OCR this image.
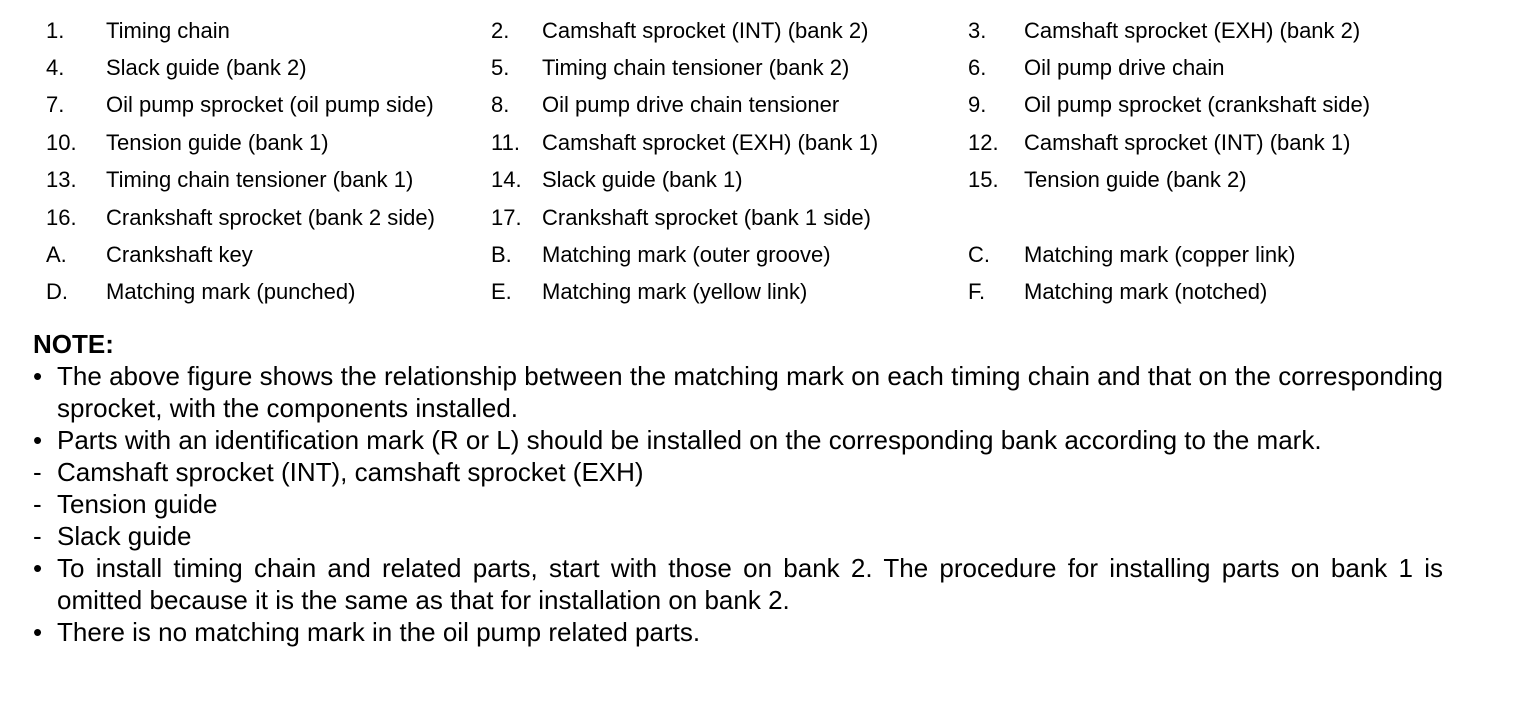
1. Timing chain	2. Camshaft sprocket (INT) (bank 2)	3. Camshaft sprocket (EXH) (bank 2)
4. Slack guide (bank 2)	5. Timing chain tensioner (bank 2)	6. Oil pump drive chain
7. Oil pump sprocket (oil pump side)	8. Oil pump drive chain tensioner	9. Oil pump sprocket (crankshaft side)
10. Tension guide (bank 1)	11. Camshaft sprocket (EXH) (bank 1)	12. Camshaft sprocket (INT) (bank 1)
13. Timing chain tensioner (bank 1)	14. Slack guide (bank 1)	15. Tension guide (bank 2)
16. Crankshaft sprocket (bank 2 side)	17. Crankshaft sprocket (bank 1 side)
A. Crankshaft key	B. Matching mark (outer groove)	C. Matching mark (copper link)
D. Matching mark (punched)	E. Matching mark (yellow link)	F. Matching mark (notched)
NOTE:
• The above figure shows the relationship between the matching mark on each timing chain and that on the corresponding sprocket, with the components installed.
• Parts with an identification mark (R or L) should be installed on the corresponding bank according to the mark.
- Camshaft sprocket (INT), camshaft sprocket (EXH)
- Tension guide
- Slack guide
• To install timing chain and related parts, start with those on bank 2. The procedure for installing parts on bank 1 is omitted because it is the same as that for installation on bank 2.
• There is no matching mark in the oil pump related parts.
